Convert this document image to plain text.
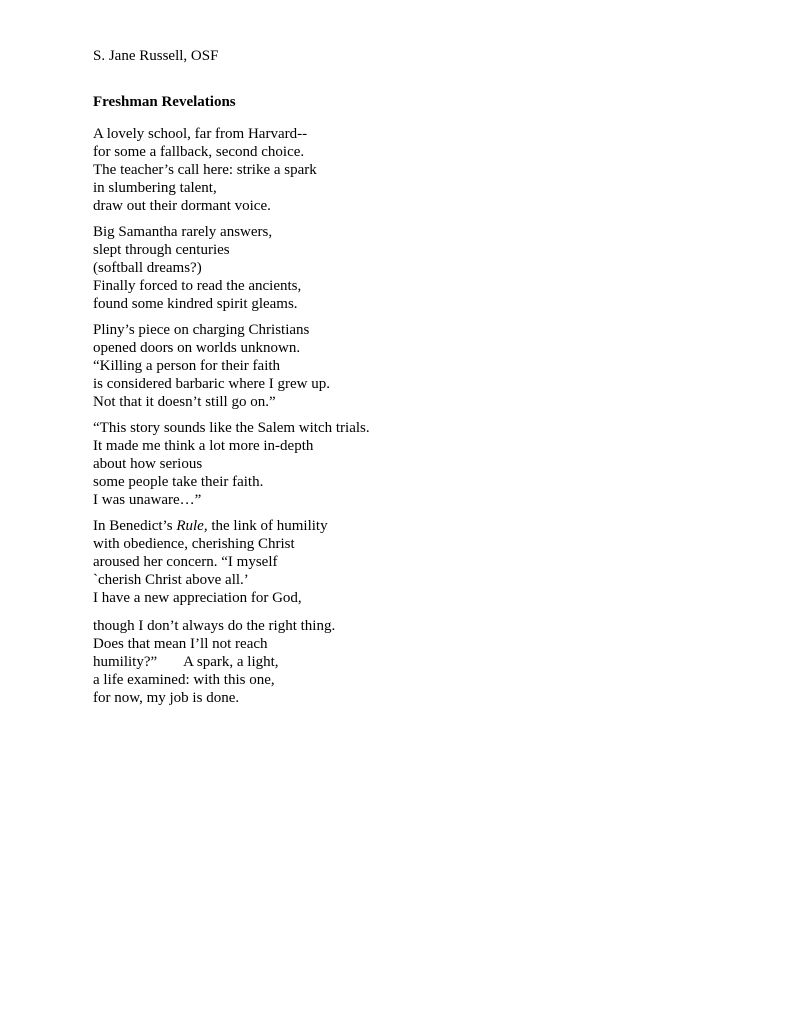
S. Jane Russell, OSF

Freshman Revelations

A lovely school, far from Harvard--
for some a fallback, second choice.
The teacher’s call here: strike a spark
in slumbering talent,
draw out their dormant voice.
Big Samantha rarely answers,
slept through centuries
(softball dreams?)
Finally forced to read the ancients,
found some kindred spirit gleams.
Pliny’s piece on charging Christians
opened doors on worlds unknown.
“Killing a person for their faith
is considered barbaric where I grew up.
Not that it doesn’t still go on.”
“This story sounds like the Salem witch trials.
It made me think a lot more in-depth
about how serious
some people take their faith.
I was unaware…”
In Benedict’s Rule, the link of humility
with obedience, cherishing Christ
aroused her concern. “I myself
`cherish Christ above all.’
I have a new appreciation for God,
though I don’t always do the right thing.
Does that mean I’ll not reach
humility?” A spark, a light,
a life examined: with this one,
for now, my job is done.
